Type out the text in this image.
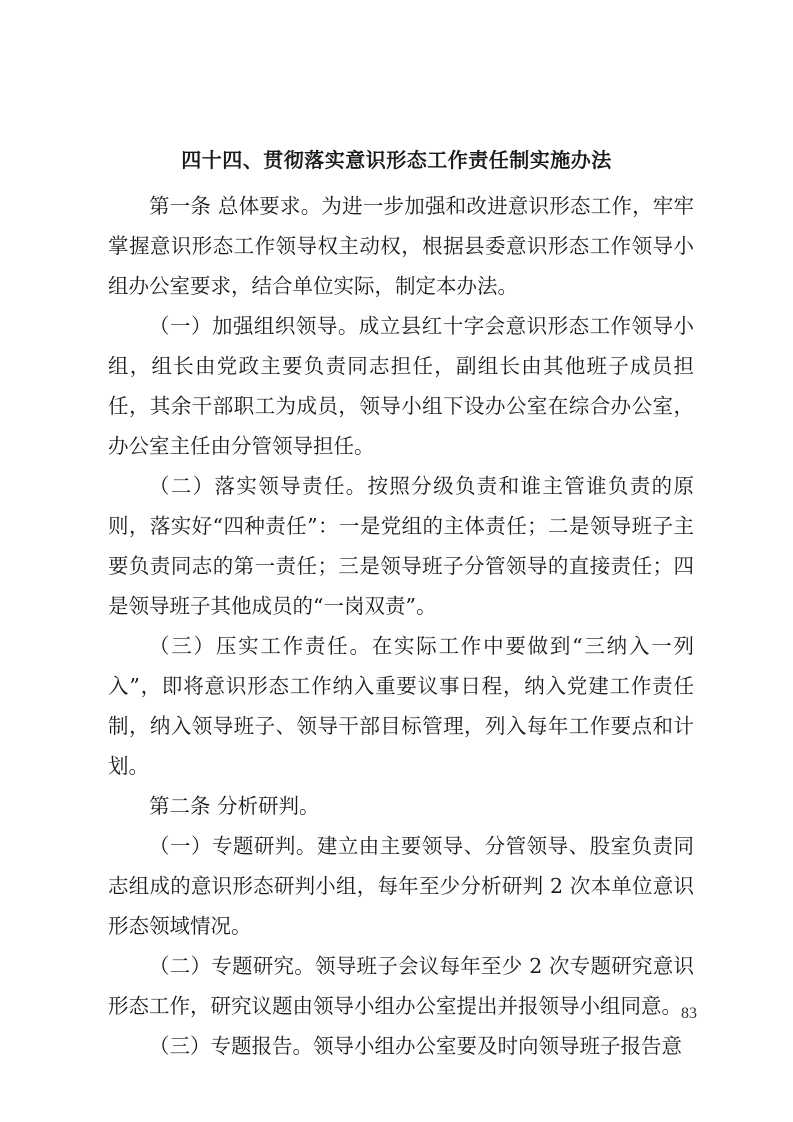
四十四、贯彻落实意识形态工作责任制实施办法

第一条 总体要求。为进一步加强和改进意识形态工作，牢牢掌握意识形态工作领导权主动权，根据县委意识形态工作领导小组办公室要求，结合单位实际，制定本办法。

（一）加强组织领导。成立县红十字会意识形态工作领导小组，组长由党政主要负责同志担任，副组长由其他班子成员担任，其余干部职工为成员，领导小组下设办公室在综合办公室，办公室主任由分管领导担任。

（二）落实领导责任。按照分级负责和谁主管谁负责的原则，落实好“四种责任”：一是党组的主体责任；二是领导班子主要负责同志的第一责任；三是领导班子分管领导的直接责任；四是领导班子其他成员的“一岗双责”。

（三）压实工作责任。在实际工作中要做到“三纳入一列入”，即将意识形态工作纳入重要议事日程，纳入党建工作责任制，纳入领导班子、领导干部目标管理，列入每年工作要点和计划。

第二条 分析研判。

（一）专题研判。建立由主要领导、分管领导、股室负责同志组成的意识形态研判小组，每年至少分析研判 2 次本单位意识形态领域情况。

（二）专题研究。领导班子会议每年至少 2 次专题研究意识形态工作，研究议题由领导小组办公室提出并报领导小组同意。

（三）专题报告。领导小组办公室要及时向领导班子报告意

83
